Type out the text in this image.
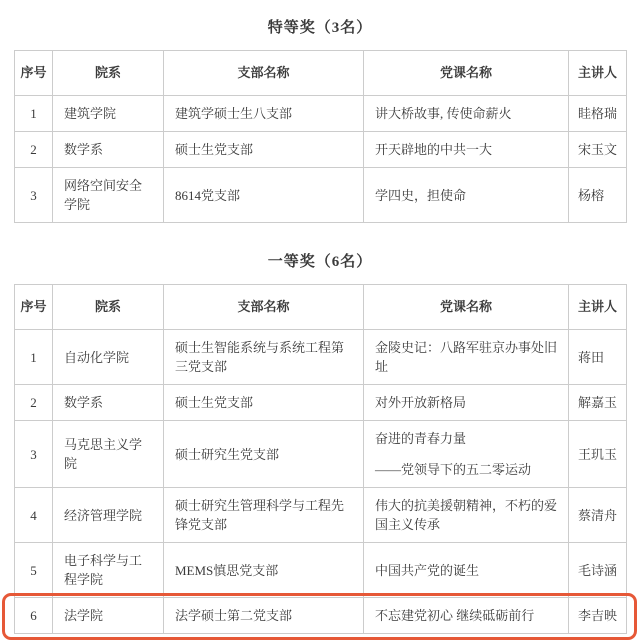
特等奖（3名）
序号	院系	支部名称	党课名称	主讲人
1	建筑学院	建筑学硕士生八支部	讲大桥故事, 传使命薪火	眭格瑞
2	数学系	硕士生党支部	开天辟地的中共一大	宋玉文
3	网络空间安全学院	8614党支部	学四史，担使命	杨榕
一等奖（6名）
序号	院系	支部名称	党课名称	主讲人
1	自动化学院	硕士生智能系统与系统工程第三党支部	金陵史记：八路军驻京办事处旧址	蒋田
2	数学系	硕士生党支部	对外开放新格局	解嘉玉
3	马克思主义学院	硕士研究生党支部	奋进的青春力量
——党领导下的五二零运动	王玑玉
4	经济管理学院	硕士研究生管理科学与工程先锋党支部	伟大的抗美援朝精神，不朽的爱国主义传承	蔡清舟
5	电子科学与工程学院	MEMS慎思党支部	中国共产党的诞生	毛诗涵
6	法学院	法学硕士第二党支部	不忘建党初心 继续砥砺前行	李吉映
